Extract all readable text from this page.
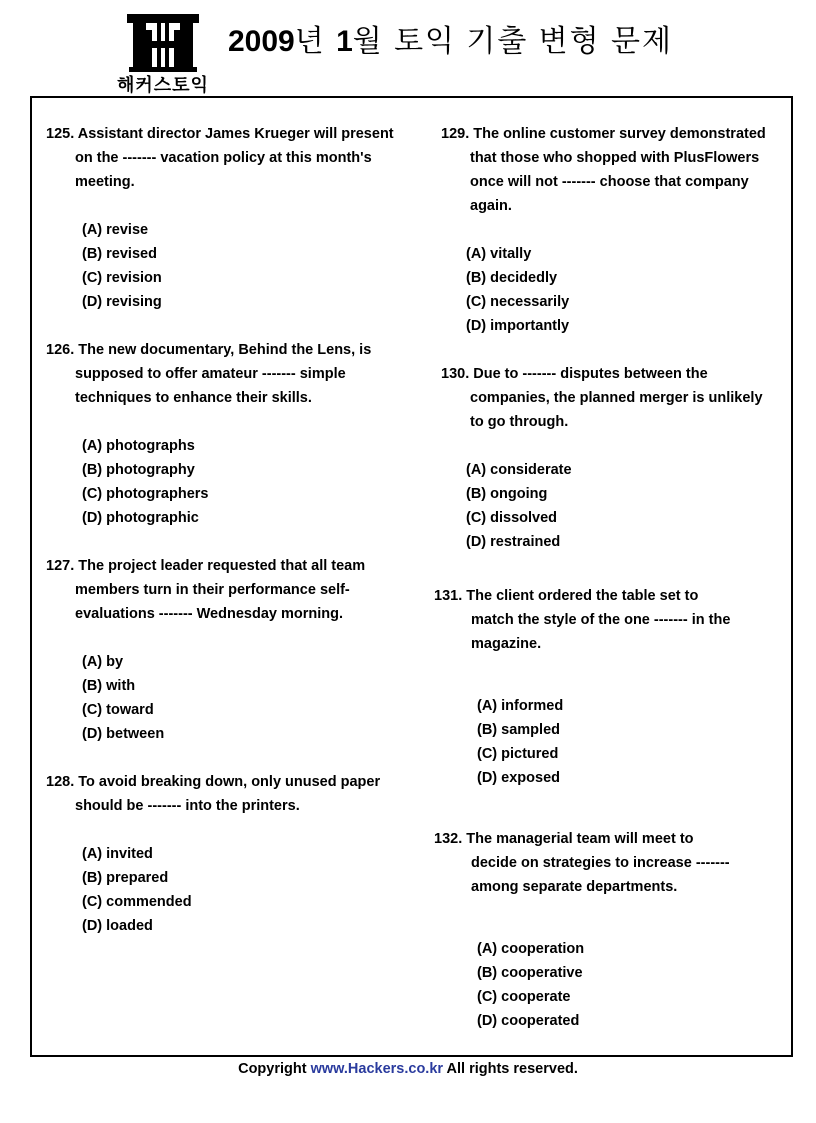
해커스토익
2009년 1월 토익 기출 변형 문제
125. Assistant director James Krueger will present
on the ------- vacation policy at this month's
meeting.
(A) revise
(B) revised
(C) revision
(D) revising
126. The new documentary, Behind the Lens, is
supposed to offer amateur ------- simple
techniques to enhance their skills.
(A) photographs
(B) photography
(C) photographers
(D) photographic
127. The project leader requested that all team
members turn in their performance self-
evaluations ------- Wednesday morning.
(A) by
(B) with
(C) toward
(D) between
128. To avoid breaking down, only unused paper
should be ------- into the printers.
(A) invited
(B) prepared
(C) commended
(D) loaded
129. The online customer survey demonstrated
that those who shopped with PlusFlowers
once will not ------- choose that company
again.
(A) vitally
(B) decidedly
(C) necessarily
(D) importantly
130. Due to ------- disputes between the
companies, the planned merger is unlikely
to go through.
(A) considerate
(B) ongoing
(C) dissolved
(D) restrained
131. The client ordered the table set to
match the style of the one ------- in the
magazine.
(A) informed
(B) sampled
(C) pictured
(D) exposed
132. The managerial team will meet to
decide on strategies to increase -------
among separate departments.
(A) cooperation
(B) cooperative
(C) cooperate
(D) cooperated
Copyright www.Hackers.co.kr All rights reserved.
